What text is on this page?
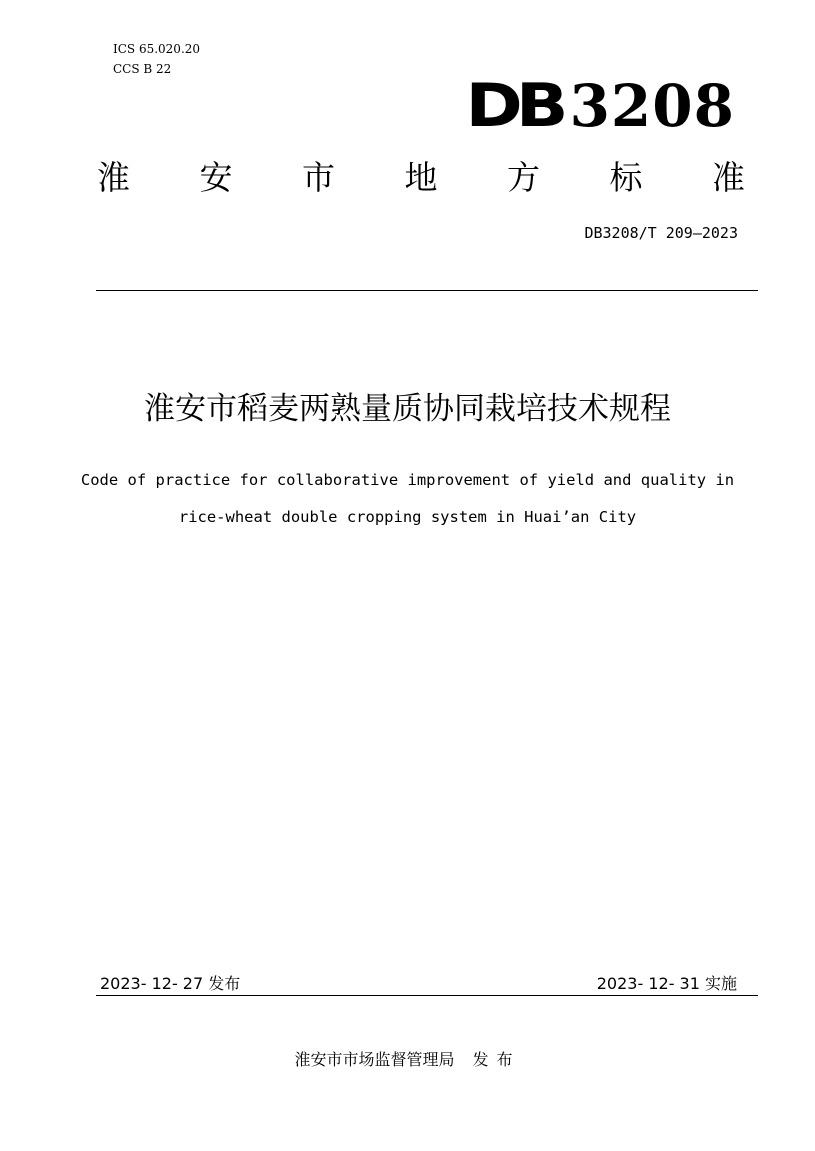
ICS 65.020.20
CCS B 22
DB 3208
淮 安 市 地 方 标 准
DB3208/T 209—2023
淮安市稻麦两熟量质协同栽培技术规程
Code of practice for collaborative improvement of yield and quality in
rice-wheat double cropping system in Huai’an City
2023- 12- 27 发布	2023- 12- 31 实施
淮安市市场监督管理局 发布
